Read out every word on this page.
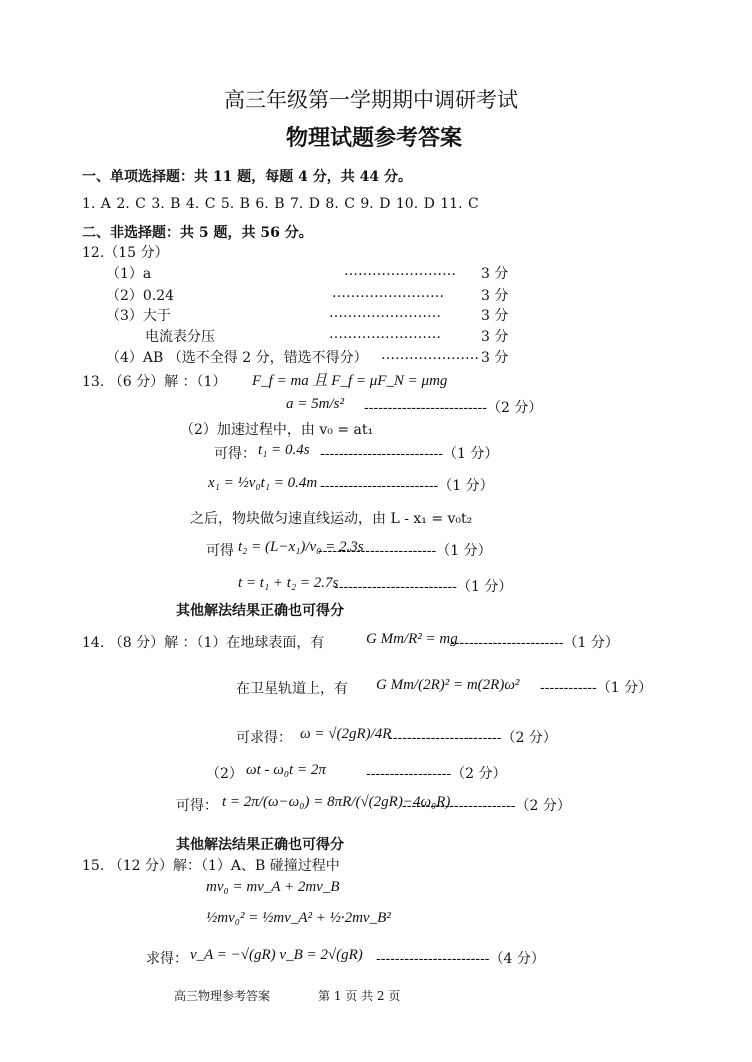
高三年级第一学期期中调研考试
物理试题参考答案
一、单项选择题：共 11 题，每题 4 分，共 44 分。
1. A 2. C 3. B 4. C 5. B 6. B 7. D 8. C 9. D 10. D 11. C
二、非选择题：共 5 题，共 56 分。
12.（15 分）
（1）a	…………………… 3 分
（2）0.24	……………………	3 分
（3）大于	……………………	3 分
电流表分压	……………………	3 分
（4）AB （选不全得 2 分，错选不得分） ………………… 3 分
13. （6 分）解 ：（1） F_f = ma 且 F_f = μF_N = μmg
a = 5m/s² --------------------------（2 分）
（2）加速过程中，由 v₀ = at₁
可得： t₁ = 0.4s --------------------------（1 分）
x₁ = ½v₀t₁ = 0.4m -------------------------（1 分）
之后，物块做匀速直线运动，由 L - x₁ = v₀t₂
可得 t₂ = (L−x₁)/v₀ = 2.3s
-------------------------（1 分）
t = t₁ + t₂ = 2.7s
--------------------------（1 分）
其他解法结果正确也可得分
14. （8 分）解 ：（1）在地球表面，有	G Mm/R² = mg
------------------------（1 分）
在卫星轨道上，有 G Mm/(2R)² = m(2R)ω² ------------（1 分）
可求得： ω = √(2gR)/4R
------------------------（2 分）
（2） ωt - ω₀t = 2π	------------------（2 分）
可得： t = 2π/(ω−ω₀) = 8πR/(√(2gR)−4ω₀R)
------------------------（2 分）
其他解法结果正确也可得分
15. （12 分）解：（1）A、B 碰撞过程中
mv₀ = mv_A + 2mv_B
½mv₀² = ½mv_A² + ½·2mv_B²
求得： v_A = −√(gR) v_B = 2√(gR) ------------------------（4 分）
高三物理参考答案	第 1 页 共 2 页
